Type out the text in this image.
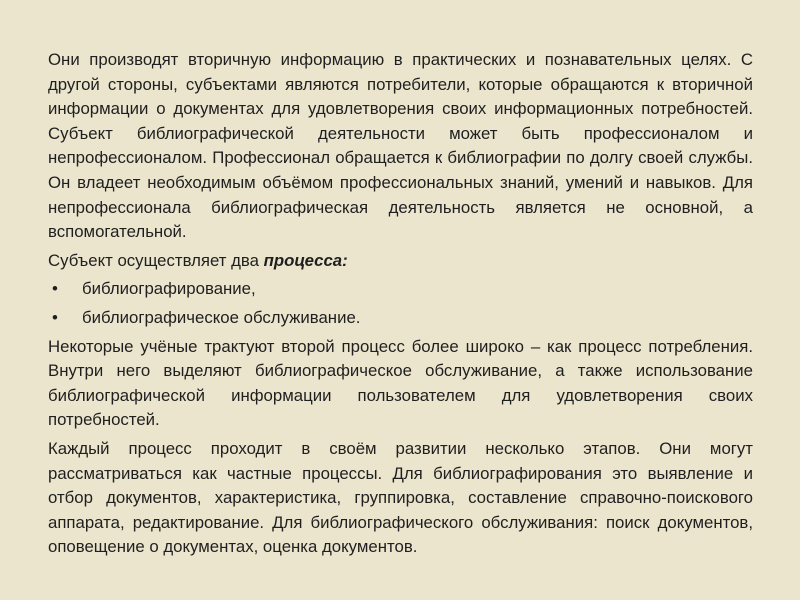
Они производят вторичную информацию в практических и познавательных целях. С другой стороны, субъектами являются потребители, которые обращаются к вторичной информации о документах для удовлетворения своих информационных потребностей. Субъект библиографической деятельности может быть профессионалом и непрофессионалом. Профессионал обращается к библиографии по долгу своей службы. Он владеет необходимым объёмом профессиональных знаний, умений и навыков. Для непрофессионала библиографическая деятельность является не основной, а вспомогательной.

Субъект осуществляет два процесса:

• библиографирование,
• библиографическое обслуживание.

Некоторые учёные трактуют второй процесс более широко – как процесс потребления. Внутри него выделяют библиографическое обслуживание, а также использование библиографической информации пользователем для удовлетворения своих потребностей.

Каждый процесс проходит в своём развитии несколько этапов. Они могут рассматриваться как частные процессы. Для библиографирования это выявление и отбор документов, характеристика, группировка, составление справочно-поискового аппарата, редактирование. Для библиографического обслуживания: поиск документов, оповещение о документах, оценка документов.
